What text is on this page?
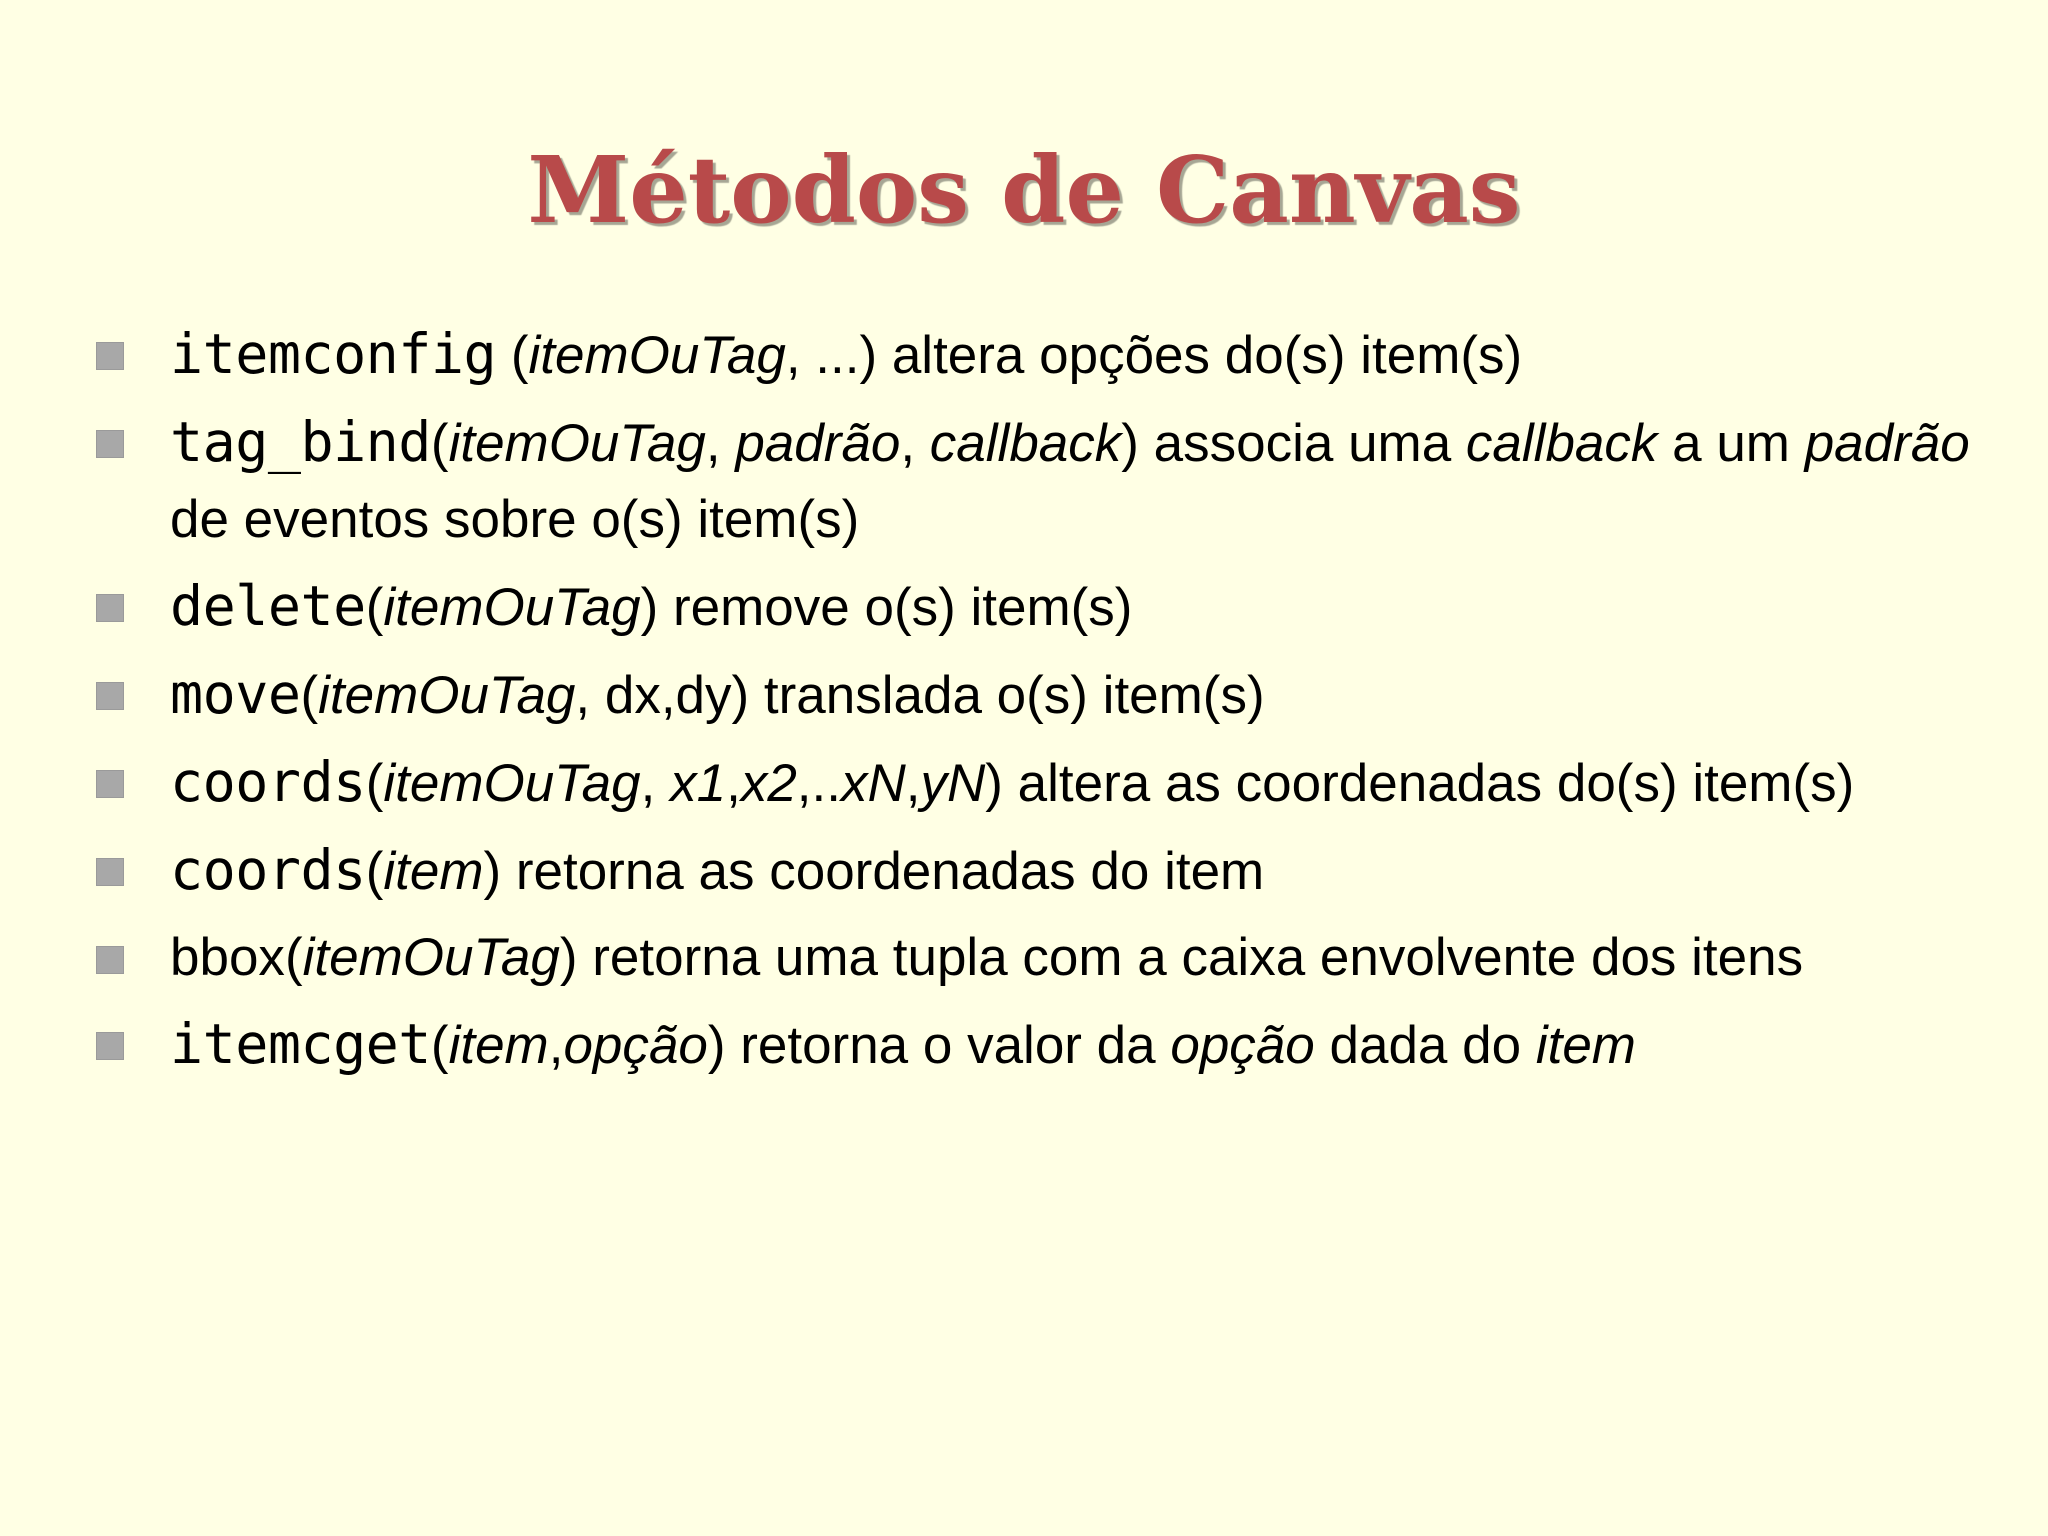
Métodos de Canvas
itemconfig (itemOuTag, ...) altera opções do(s) item(s)
tag_bind(itemOuTag, padrão, callback) associa uma callback a um padrão de eventos sobre o(s) item(s)
delete(itemOuTag) remove o(s) item(s)
move(itemOuTag, dx,dy) translada o(s) item(s)
coords(itemOuTag, x1,x2,..xN,yN) altera as coordenadas do(s) item(s)
coords(item) retorna as coordenadas do item
bbox(itemOuTag) retorna uma tupla com a caixa envolvente dos itens
itemcget(item,opção) retorna o valor da opção dada do item
